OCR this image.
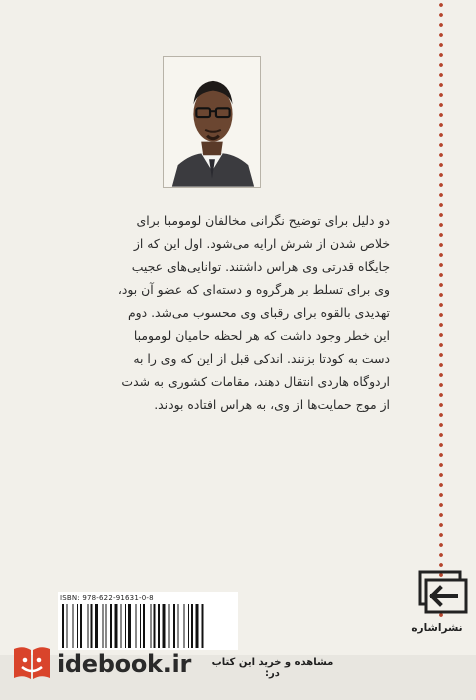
دو دلیل برای توضیح نگرانی مخالفان لومومبا برای

خلاص شدن از شرش ارایه می‌شود. اول این که از

جایگاه قدرتی وی هراس داشتند. توانایی‌های عجیب

وی برای تسلط بر هرگروه و دسته‌ای که عضو آن بود،

تهدیدی بالقوه برای رقبای وی محسوب می‌شد. دوم

این خطر وجود داشت که هر لحظه حامیان لومومبا

دست به کودتا بزنند. اندکی قبل از این که وی را به

اردوگاه هاردی انتقال دهند، مقامات کشوری به شدت

از موج حمایت‌ها از وی، به هراس افتاده بودند.

ISBN: 978-622-91631-0-8
نشراشاره
idebook.ir مشاهده و خرید این کتاب در:
